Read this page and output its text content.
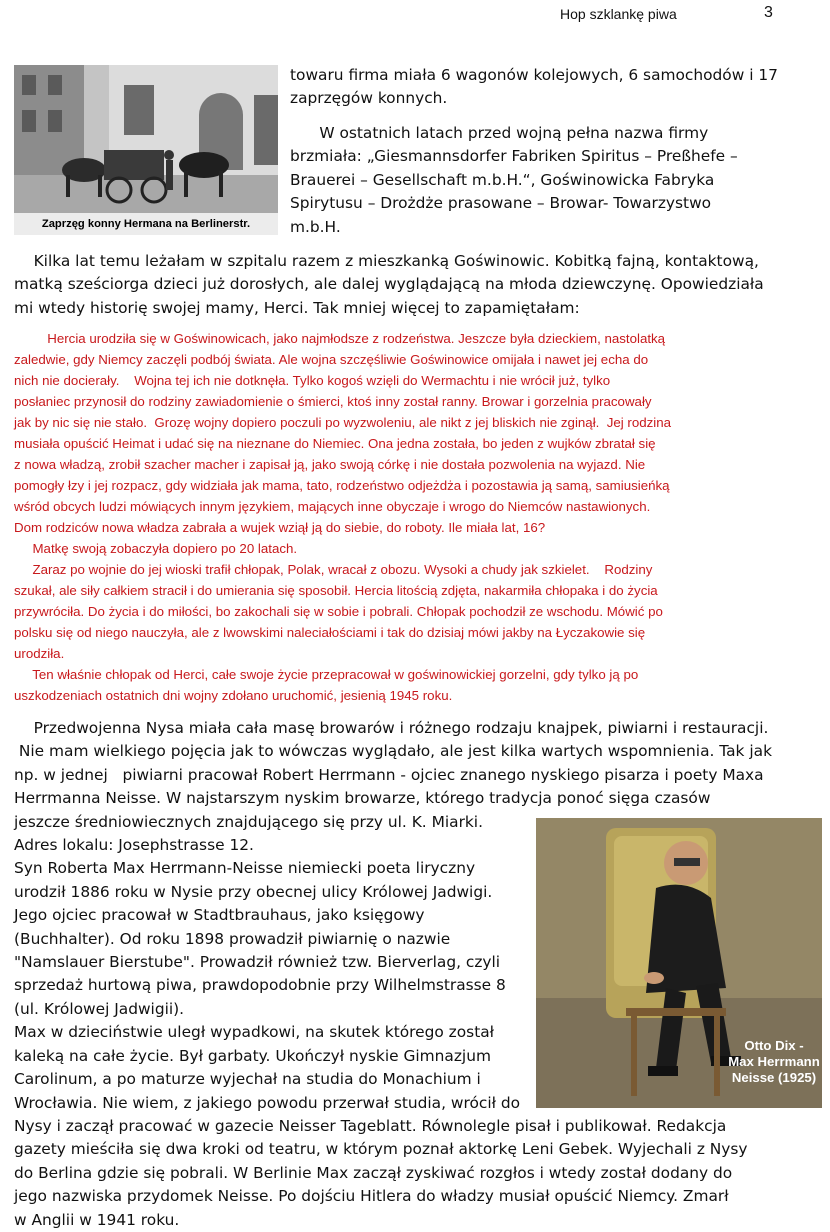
Hop szklankę piwa	3
Zaprzęg konny Hermana na Berlinerstr.

towaru firma miała 6 wagonów kolejowych, 6 samochodów i 17
zaprzęgów konnych.

W ostatnich latach przed wojną pełna nazwa firmy
brzmiała: „Giesmannsdorfer Fabriken Spiritus – Preßhefe –
Brauerei – Gesellschaft m.b.H.“, Goświnowicka Fabryka
Spirytusu – Drożdże prasowane – Browar- Towarzystwo
m.b.H.

Kilka lat temu leżałam w szpitalu razem z mieszkanką Goświnowic. Kobitką fajną, kontaktową,
matką sześciorga dzieci już dorosłych, ale dalej wyglądającą na młoda dziewczynę. Opowiedziała
mi wtedy historię swojej mamy, Herci. Tak mniej więcej to zapamiętałam:

Hercia urodziła się w Goświnowicach, jako najmłodsze z rodzeństwa. Jeszcze była dzieckiem, nastolatką
zaledwie, gdy Niemcy zaczęli podbój świata. Ale wojna szczęśliwie Goświnowice omijała i nawet jej echa do
nich nie docierały.    Wojna tej ich nie dotknęła. Tylko kogoś wzięli do Wermachtu i nie wrócił już, tylko
posłaniec przynosił do rodziny zawiadomienie o śmierci, ktoś inny został ranny. Browar i gorzelnia pracowały
jak by nic się nie stało.  Grozę wojny dopiero poczuli po wyzwoleniu, ale nikt z jej bliskich nie zginął.  Jej rodzina
musiała opuścić Heimat i udać się na nieznane do Niemiec. Ona jedna została, bo jeden z wujków zbratał się
z nowa władzą, zrobił szacher macher i zapisał ją, jako swoją córkę i nie dostała pozwolenia na wyjazd. Nie
pomogły łzy i jej rozpacz, gdy widziała jak mama, tato, rodzeństwo odjeżdża i pozostawia ją samą, samiusieńką
wśród obcych ludzi mówiących innym językiem, mających inne obyczaje i wrogo do Niemców nastawionych.
Dom rodziców nowa władza zabrała a wujek wziął ją do siebie, do roboty. Ile miała lat, 16?
Matkę swoją zobaczyła dopiero po 20 latach.
Zaraz po wojnie do jej wioski trafił chłopak, Polak, wracał z obozu. Wysoki a chudy jak szkielet.    Rodziny
szukał, ale siły całkiem stracił i do umierania się sposobił. Hercia litością zdjęta, nakarmiła chłopaka i do życia
przywróciła. Do życia i do miłości, bo zakochali się w sobie i pobrali. Chłopak pochodził ze wschodu. Mówić po
polsku się od niego nauczyła, ale z lwowskimi naleciałościami i tak do dzisiaj mówi jakby na Łyczakowie się
urodziła.
Ten właśnie chłopak od Herci, całe swoje życie przepracował w goświnowickiej gorzelni, gdy tylko ją po
uszkodzeniach ostatnich dni wojny zdołano uruchomić, jesienią 1945 roku.

Przedwojenna Nysa miała cała masę browarów i różnego rodzaju knajpek, piwiarni i restauracji.
Nie mam wielkiego pojęcia jak to wówczas wyglądało, ale jest kilka wartych wspomnienia. Tak jak
np. w jednej   piwiarni pracował Robert Herrmann - ojciec znanego nyskiego pisarza i poety Maxa
Herrmanna Neisse. W najstarszym nyskim browarze, którego tradycja ponoć sięga czasów
jeszcze średniowiecznych znajdującego się przy ul. K. Miarki.
Adres lokalu: Josephstrasse 12.
Syn Roberta Max Herrmann-Neisse niemiecki poeta liryczny
urodził 1886 roku w Nysie przy obecnej ulicy Królowej Jadwigi.
Jego ojciec pracował w Stadtbrauhaus, jako księgowy
(Buchhalter). Od roku 1898 prowadził piwiarnię o nazwie
"Namslauer Bierstube". Prowadził również tzw. Bierverlag, czyli
sprzedaż hurtową piwa, prawdopodobnie przy Wilhelmstrasse 8
(ul. Królowej Jadwigii).
Max w dzieciństwie uległ wypadkowi, na skutek którego został
kaleką na całe życie. Był garbaty. Ukończył nyskie Gimnazjum
Carolinum, a po maturze wyjechał na studia do Monachium i
Wrocławia. Nie wiem, z jakiego powodu przerwał studia, wrócił do
Nysy i zaczął pracować w gazecie Neisser Tageblatt. Równolegle pisał i publikował. Redakcja
gazety mieściła się dwa kroki od teatru, w którym poznał aktorkę Leni Gebek. Wyjechali z Nysy
do Berlina gdzie się pobrali. W Berlinie Max zaczął zyskiwać rozgłos i wtedy został dodany do
jego nazwiska przydomek Neisse. Po dojściu Hitlera do władzy musiał opuścić Niemcy. Zmarł
w Anglii w 1941 roku.

Otto Dix -
Max Herrmann
Neisse (1925)
